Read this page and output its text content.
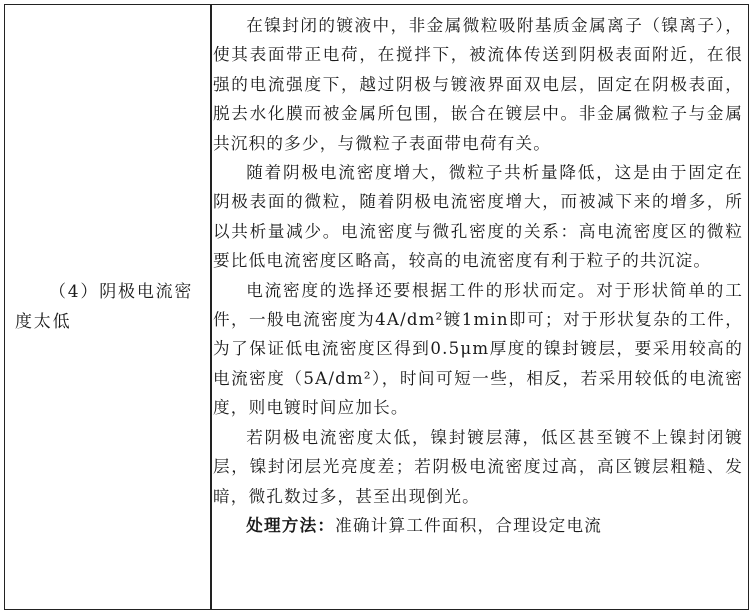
（4）阴极电流密度太低

在镍封闭的镀液中，非金属微粒吸附基质金属离子（镍离子），使其表面带正电荷，在搅拌下，被流体传送到阴极表面附近，在很强的电流强度下，越过阴极与镀液界面双电层，固定在阴极表面，脱去水化膜而被金属所包围，嵌合在镀层中。非金属微粒子与金属共沉积的多少，与微粒子表面带电荷有关。

随着阴极电流密度增大，微粒子共析量降低，这是由于固定在阴极表面的微粒，随着阴极电流密度增大，而被减下来的增多，所以共析量减少。电流密度与微孔密度的关系：高电流密度区的微粒要比低电流密度区略高，较高的电流密度有利于粒子的共沉淀。

电流密度的选择还要根据工件的形状而定。对于形状简单的工件，一般电流密度为4A/dm²镀1min即可；对于形状复杂的工件，为了保证低电流密度区得到0.5μm厚度的镍封镀层，要采用较高的电流密度（5A/dm²），时间可短一些，相反，若采用较低的电流密度，则电镀时间应加长。

若阴极电流密度太低，镍封镀层薄，低区甚至镀不上镍封闭镀层，镍封闭层光亮度差；若阴极电流密度过高，高区镀层粗糙、发暗，微孔数过多，甚至出现倒光。

处理方法：准确计算工件面积，合理设定电流
